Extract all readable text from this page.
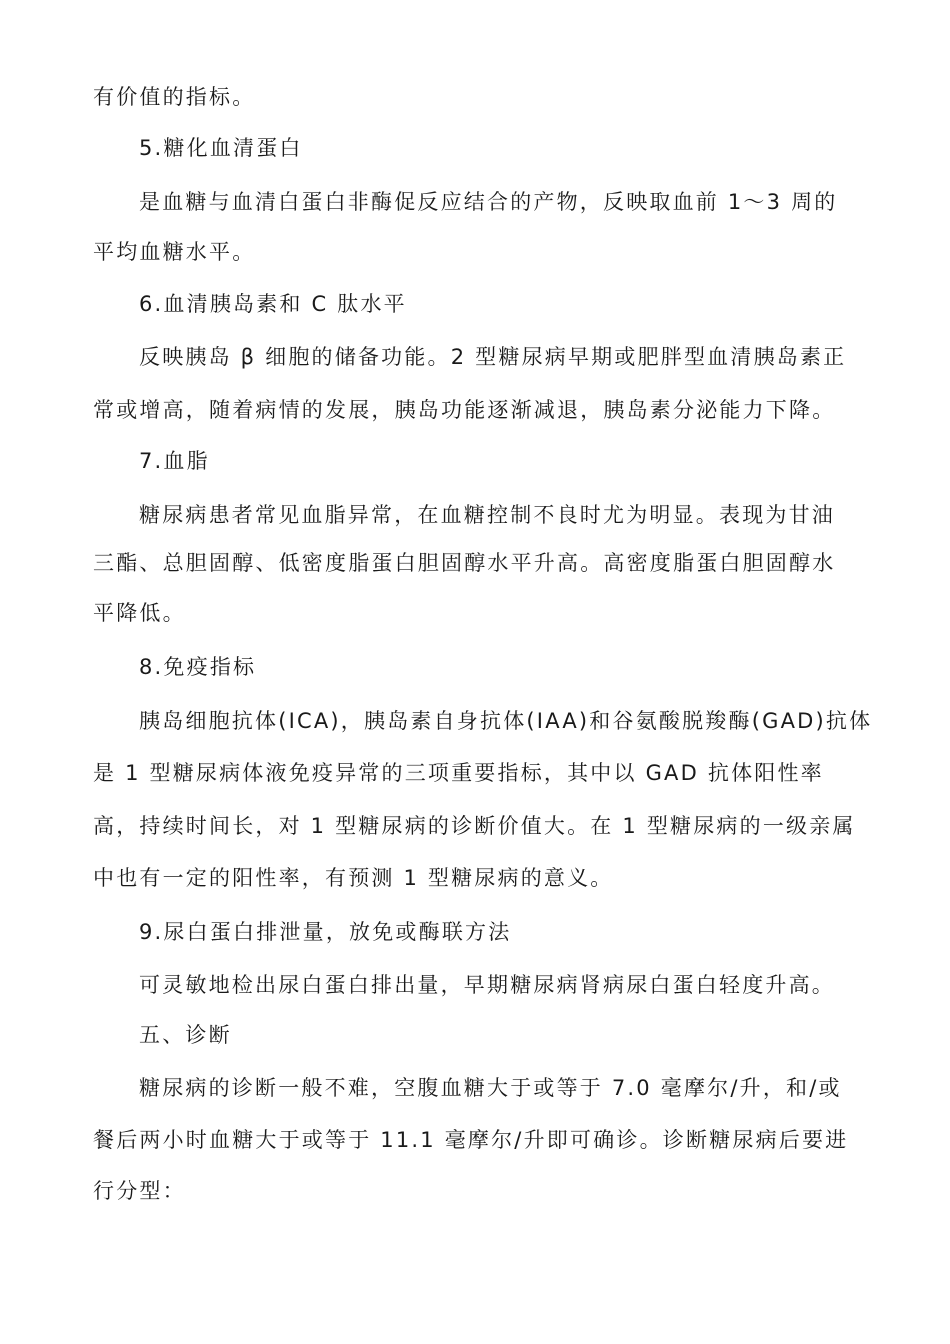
有价值的指标。
5.糖化血清蛋白
是血糖与血清白蛋白非酶促反应结合的产物，反映取血前 1～3 周的
平均血糖水平。
6.血清胰岛素和 C 肽水平
反映胰岛 β 细胞的储备功能。2 型糖尿病早期或肥胖型血清胰岛素正
常或增高，随着病情的发展，胰岛功能逐渐减退，胰岛素分泌能力下降。
7.血脂
糖尿病患者常见血脂异常，在血糖控制不良时尤为明显。表现为甘油
三酯、总胆固醇、低密度脂蛋白胆固醇水平升高。高密度脂蛋白胆固醇水
平降低。
8.免疫指标
胰岛细胞抗体(ICA)，胰岛素自身抗体(IAA)和谷氨酸脱羧酶(GAD)抗体
是 1 型糖尿病体液免疫异常的三项重要指标，其中以 GAD 抗体阳性率
高，持续时间长，对 1 型糖尿病的诊断价值大。在 1 型糖尿病的一级亲属
中也有一定的阳性率，有预测 1 型糖尿病的意义。
9.尿白蛋白排泄量，放免或酶联方法
可灵敏地检出尿白蛋白排出量，早期糖尿病肾病尿白蛋白轻度升高。
五、诊断
糖尿病的诊断一般不难，空腹血糖大于或等于 7.0 毫摩尔/升，和/或
餐后两小时血糖大于或等于 11.1 毫摩尔/升即可确诊。诊断糖尿病后要进
行分型：
